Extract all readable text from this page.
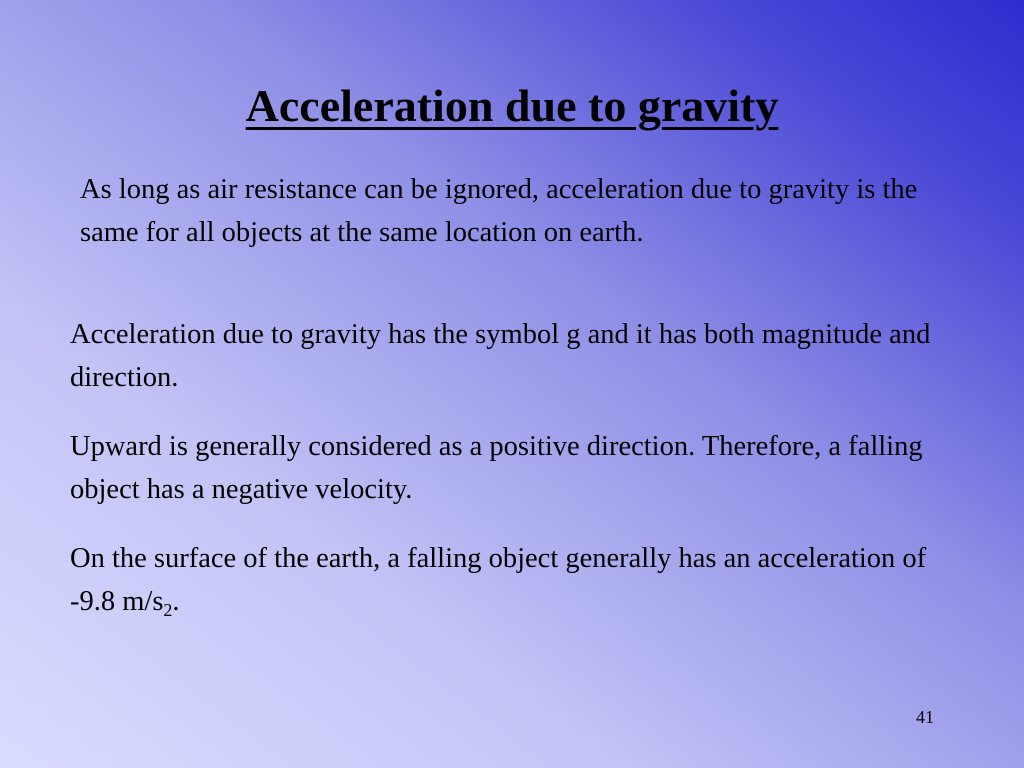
Acceleration due to gravity

As long as air resistance can be ignored, acceleration due to gravity is the same for all objects at the same location on earth.

Acceleration due to gravity has the symbol g and it has both magnitude and direction.

Upward is generally considered as a positive direction. Therefore, a falling object has a negative velocity.

On the surface of the earth, a falling object generally has an acceleration of -9.8 $m/s_2$.

41
